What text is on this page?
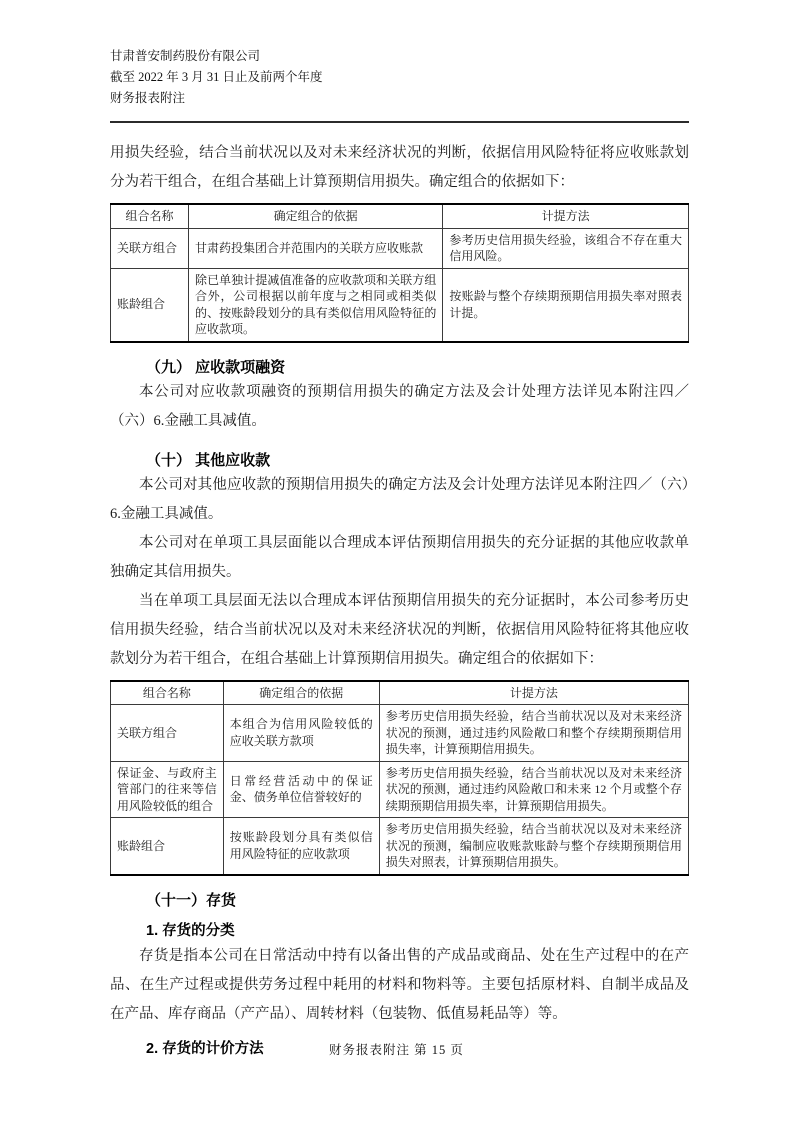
甘肃普安制药股份有限公司
截至 2022 年 3 月 31 日止及前两个年度
财务报表附注

用损失经验，结合当前状况以及对未来经济状况的判断，依据信用风险特征将应收账款划分为若干组合，在组合基础上计算预期信用损失。确定组合的依据如下：

组合名称	确定组合的依据	计提方法
关联方组合	甘肃药投集团合并范围内的关联方应收账款	参考历史信用损失经验，该组合不存在重大信用风险。
账龄组合	除已单独计提减值准备的应收款项和关联方组合外，公司根据以前年度与之相同或相类似的、按账龄段划分的具有类似信用风险特征的应收款项。	按账龄与整个存续期预期信用损失率对照表计提。
（九） 应收款项融资

本公司对应收款项融资的预期信用损失的确定方法及会计处理方法详见本附注四／（六）6.金融工具减值。

（十） 其他应收款

本公司对其他应收款的预期信用损失的确定方法及会计处理方法详见本附注四／（六）6.金融工具减值。

本公司对在单项工具层面能以合理成本评估预期信用损失的充分证据的其他应收款单独确定其信用损失。

当在单项工具层面无法以合理成本评估预期信用损失的充分证据时，本公司参考历史信用损失经验，结合当前状况以及对未来经济状况的判断，依据信用风险特征将其他应收款划分为若干组合，在组合基础上计算预期信用损失。确定组合的依据如下：

组合名称	确定组合的依据	计提方法
关联方组合	本组合为信用风险较低的应收关联方款项	参考历史信用损失经验，结合当前状况以及对未来经济状况的预测，通过违约风险敞口和整个存续期预期信用损失率，计算预期信用损失。
保证金、与政府主管部门的往来等信用风险较低的组合	日常经营活动中的保证金、债务单位信誉较好的	参考历史信用损失经验，结合当前状况以及对未来经济状况的预测，通过违约风险敞口和未来 12 个月或整个存续期预期信用损失率，计算预期信用损失。
账龄组合	按账龄段划分具有类似信用风险特征的应收款项	参考历史信用损失经验，结合当前状况以及对未来经济状况的预测，编制应收账款账龄与整个存续期预期信用损失对照表，计算预期信用损失。
（十一）存货
1. 存货的分类

存货是指本公司在日常活动中持有以备出售的产成品或商品、处在生产过程中的在产品、在生产过程或提供劳务过程中耗用的材料和物料等。主要包括原材料、自制半成品及在产品、库存商品（产产品）、周转材料（包装物、低值易耗品等）等。

2. 存货的计价方法	财务报表附注 第 15 页
